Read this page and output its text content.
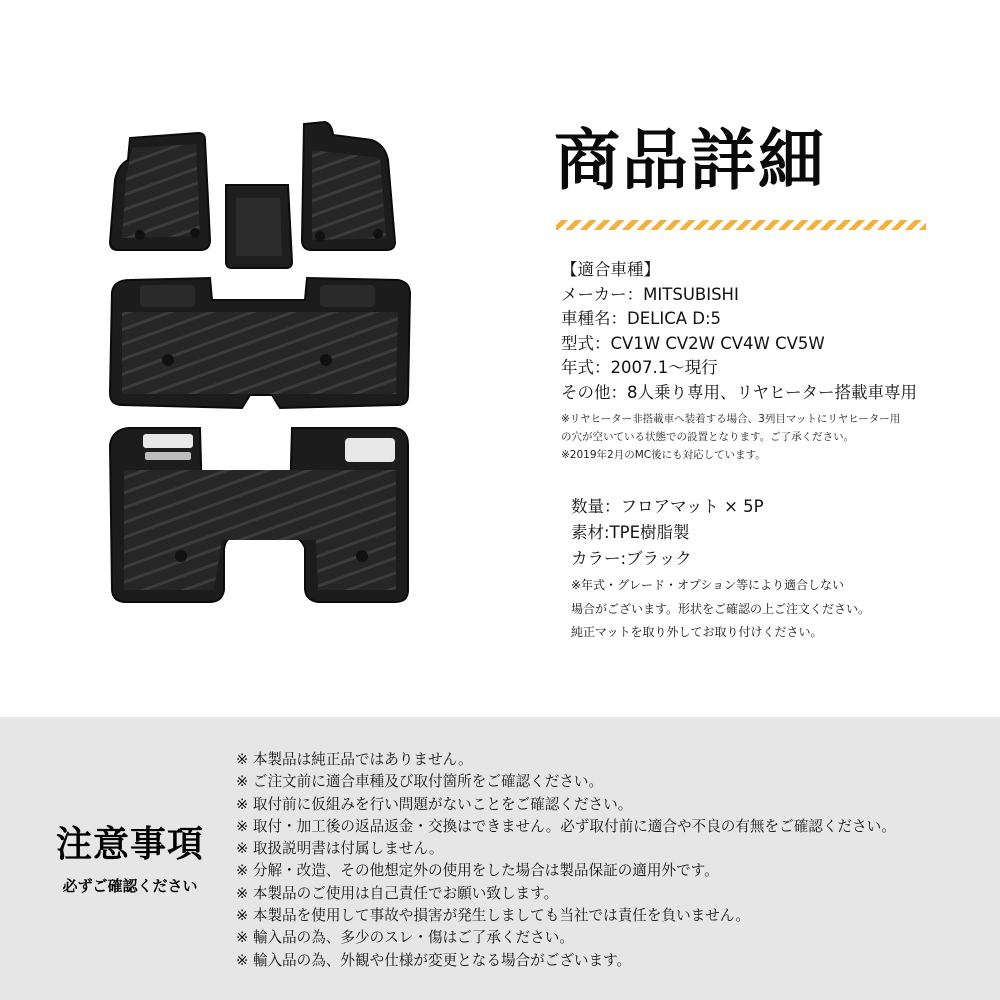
商品詳細
【適合車種】
メーカー：MITSUBISHI
車種名：DELICA D:5
型式：CV1W CV2W CV4W CV5W
年式：2007.1～現行
その他：8人乗り専用、リヤヒーター搭載車専用
※リヤヒーター非搭載車へ装着する場合、3列目マットにリヤヒーター用
の穴が空いている状態での設置となります。ご了承ください。
※2019年2月のMC後にも対応しています。
数量：フロアマット × 5P
素材:TPE樹脂製
カラー:ブラック
※年式・グレード・オプション等により適合しない
場合がございます。形状をご確認の上ご注文ください。
純正マットを取り外してお取り付けください。
注意事項
必ずご確認ください
※ 本製品は純正品ではありません。
※ ご注文前に適合車種及び取付箇所をご確認ください。
※ 取付前に仮組みを行い問題がないことをご確認ください。
※ 取付・加工後の返品返金・交換はできません。必ず取付前に適合や不良の有無をご確認ください。
※ 取扱説明書は付属しません。
※ 分解・改造、その他想定外の使用をした場合は製品保証の適用外です。
※ 本製品のご使用は自己責任でお願い致します。
※ 本製品を使用して事故や損害が発生しましても当社では責任を負いません。
※ 輸入品の為、多少のスレ・傷はご了承ください。
※ 輸入品の為、外観や仕様が変更となる場合がございます。
